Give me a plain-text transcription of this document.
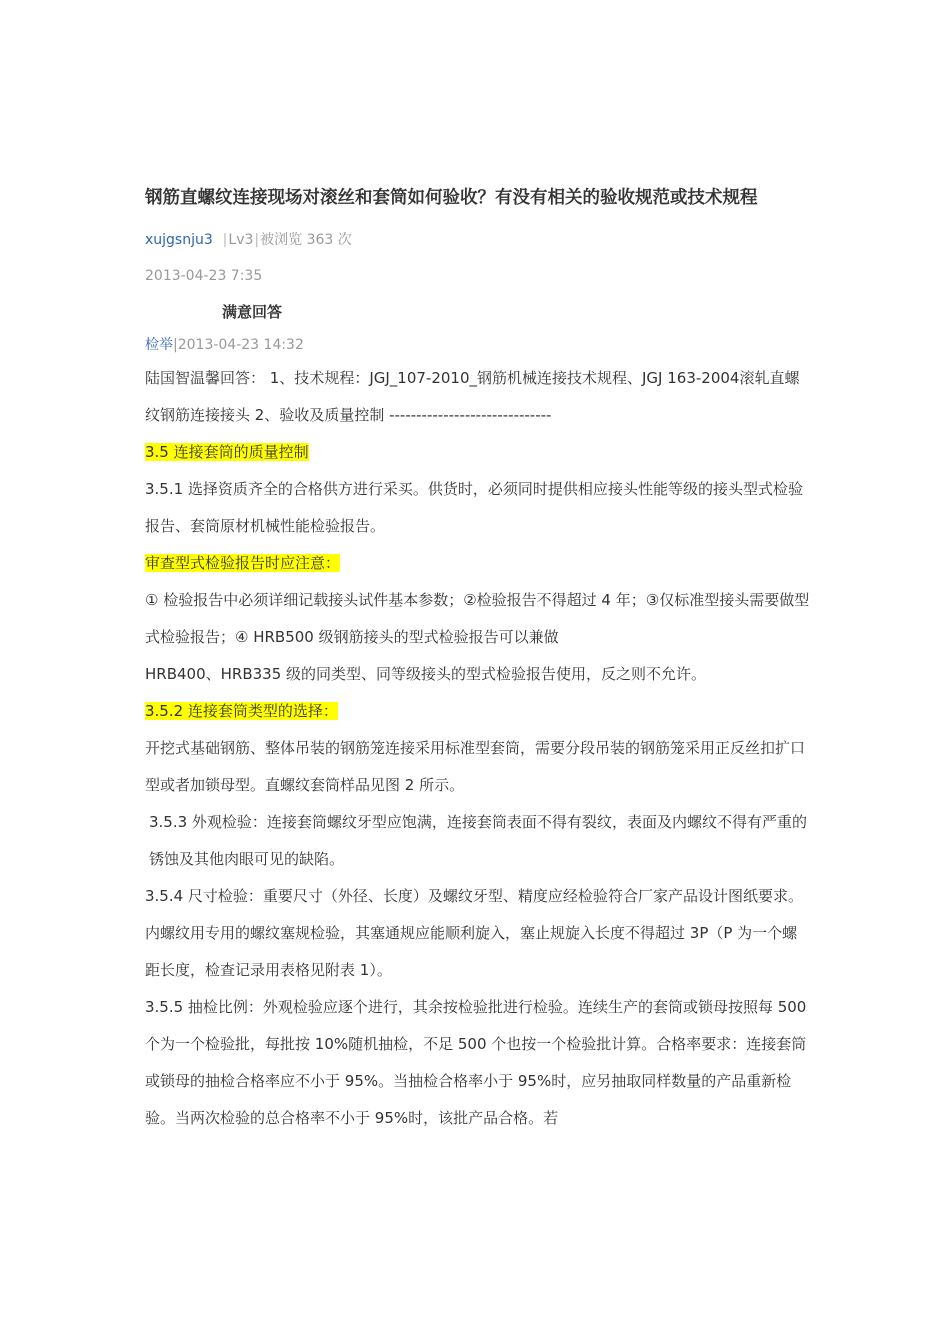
钢筋直螺纹连接现场对滚丝和套筒如何验收？有没有相关的验收规范或技术规程
xujgsnju3  |Lv3|被浏览 363 次
2013-04-23 7:35
满意回答
检举|2013-04-23 14:32

陆国智温馨回答： 1、技术规程：JGJ_107-2010_钢筋机械连接技术规程、JGJ 163-2004滚轧直螺纹钢筋连接接头 2、验收及质量控制 ------------------------------

3.5 连接套筒的质量控制

3.5.1 选择资质齐全的合格供方进行采买。供货时，必须同时提供相应接头性能等级的接头型式检验报告、套筒原材机械性能检验报告。

审查型式检验报告时应注意：

① 检验报告中必须详细记载接头试件基本参数；②检验报告不得超过 4 年；③仅标准型接头需要做型式检验报告；④ HRB500 级钢筋接头的型式检验报告可以兼做

HRB400、HRB335 级的同类型、同等级接头的型式检验报告使用，反之则不允许。

3.5.2 连接套筒类型的选择：

开挖式基础钢筋、整体吊装的钢筋笼连接采用标准型套筒，需要分段吊装的钢筋笼采用正反丝扣扩口型或者加锁母型。直螺纹套筒样品见图 2 所示。

3.5.3 外观检验：连接套筒螺纹牙型应饱满，连接套筒表面不得有裂纹，表面及内螺纹不得有严重的锈蚀及其他肉眼可见的缺陷。

3.5.4 尺寸检验：重要尺寸（外径、长度）及螺纹牙型、精度应经检验符合厂家产品设计图纸要求。内螺纹用专用的螺纹塞规检验，其塞通规应能顺利旋入，塞止规旋入长度不得超过 3P（P 为一个螺距长度，检查记录用表格见附表 1）。

3.5.5 抽检比例：外观检验应逐个进行，其余按检验批进行检验。连续生产的套筒或锁母按照每 500 个为一个检验批，每批按 10%随机抽检，不足 500 个也按一个检验批计算。合格率要求：连接套筒或锁母的抽检合格率应不小于 95%。当抽检合格率小于 95%时，应另抽取同样数量的产品重新检验。当两次检验的总合格率不小于 95%时，该批产品合格。若
